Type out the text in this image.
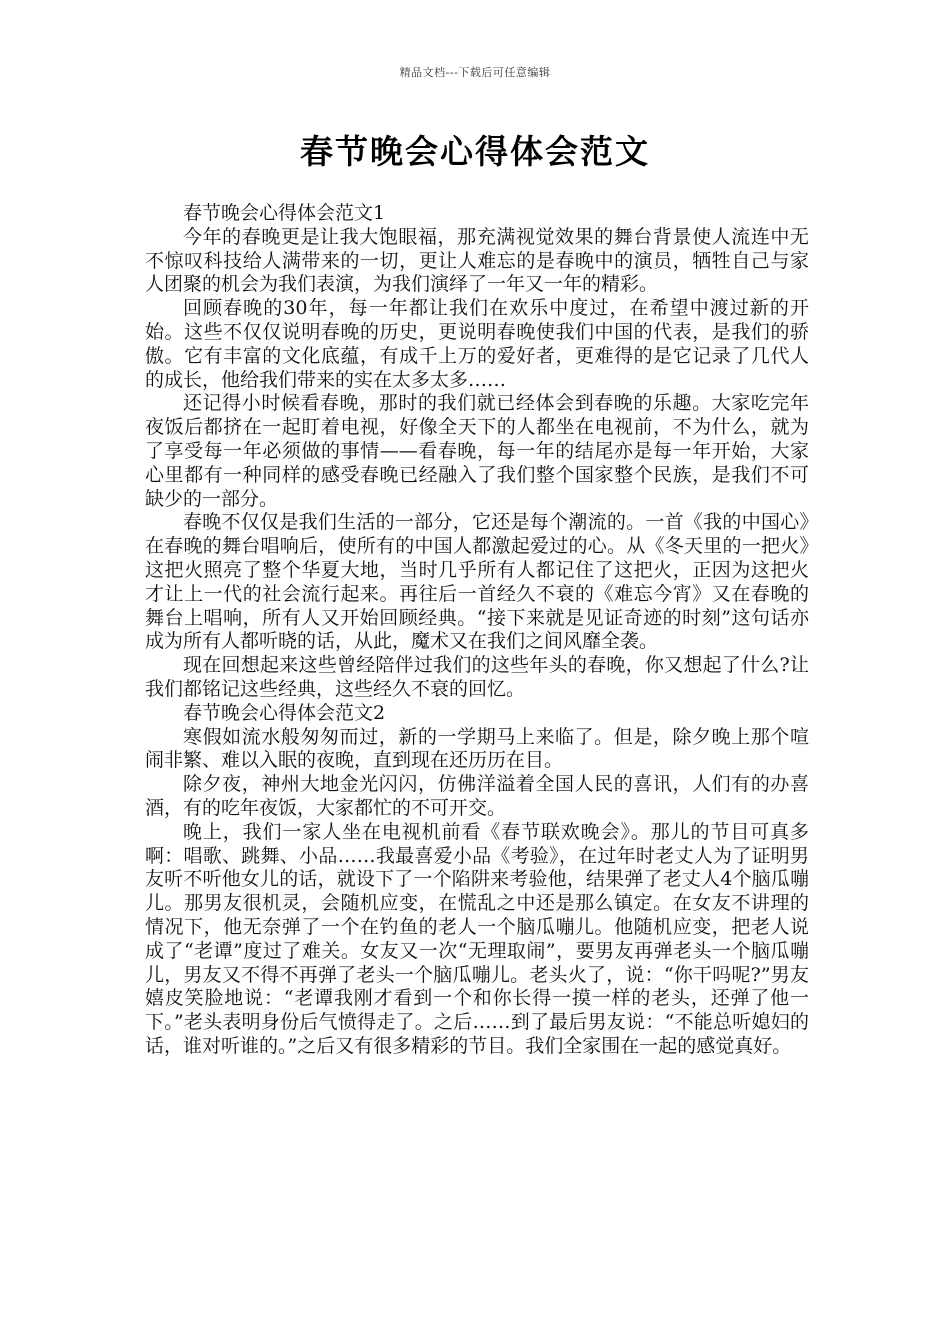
精品文档---下载后可任意编辑
春节晚会心得体会范文

春节晚会心得体会范文1

今年的春晚更是让我大饱眼福，那充满视觉效果的舞台背景使人流连中无不惊叹科技给人满带来的一切，更让人难忘的是春晚中的演员，牺牲自己与家人团聚的机会为我们表演，为我们演绎了一年又一年的精彩。

回顾春晚的30年，每一年都让我们在欢乐中度过，在希望中渡过新的开始。这些不仅仅说明春晚的历史，更说明春晚使我们中国的代表，是我们的骄傲。它有丰富的文化底蕴，有成千上万的爱好者，更难得的是它记录了几代人的成长，他给我们带来的实在太多太多……

还记得小时候看春晚，那时的我们就已经体会到春晚的乐趣。大家吃完年夜饭后都挤在一起盯着电视，好像全天下的人都坐在电视前，不为什么，就为了享受每一年必须做的事情——看春晚，每一年的结尾亦是每一年开始，大家心里都有一种同样的感受春晚已经融入了我们整个国家整个民族，是我们不可缺少的一部分。

春晚不仅仅是我们生活的一部分，它还是每个潮流的。一首《我的中国心》在春晚的舞台唱响后，使所有的中国人都激起爱过的心。从《冬天里的一把火》这把火照亮了整个华夏大地，当时几乎所有人都记住了这把火，正因为这把火才让上一代的社会流行起来。再往后一首经久不衰的《难忘今宵》又在春晚的舞台上唱响，所有人又开始回顾经典。“接下来就是见证奇迹的时刻”这句话亦成为所有人都听晓的话，从此，魔术又在我们之间风靡全袭。

现在回想起来这些曾经陪伴过我们的这些年头的春晚，你又想起了什么?让我们都铭记这些经典，这些经久不衰的回忆。

春节晚会心得体会范文2

寒假如流水般匆匆而过，新的一学期马上来临了。但是，除夕晚上那个喧闹非繁、难以入眠的夜晚，直到现在还历历在目。

除夕夜，神州大地金光闪闪，仿佛洋溢着全国人民的喜讯，人们有的办喜酒，有的吃年夜饭，大家都忙的不可开交。

晚上，我们一家人坐在电视机前看《春节联欢晚会》。那儿的节目可真多啊：唱歌、跳舞、小品……我最喜爱小品《考验》，在过年时老丈人为了证明男友听不听他女儿的话，就设下了一个陷阱来考验他，结果弹了老丈人4个脑瓜嘣儿。那男友很机灵，会随机应变，在慌乱之中还是那么镇定。在女友不讲理的情况下，他无奈弹了一个在钓鱼的老人一个脑瓜嘣儿。他随机应变，把老人说成了“老谭”度过了难关。女友又一次“无理取闹”，要男友再弹老头一个脑瓜嘣儿，男友又不得不再弹了老头一个脑瓜嘣儿。老头火了，说：“你干吗呢?”男友嬉皮笑脸地说：“老谭我刚才看到一个和你长得一摸一样的老头，还弹了他一下。”老头表明身份后气愤得走了。之后……到了最后男友说：“不能总听媳妇的话，谁对听谁的。”之后又有很多精彩的节目。我们全家围在一起的感觉真好。
